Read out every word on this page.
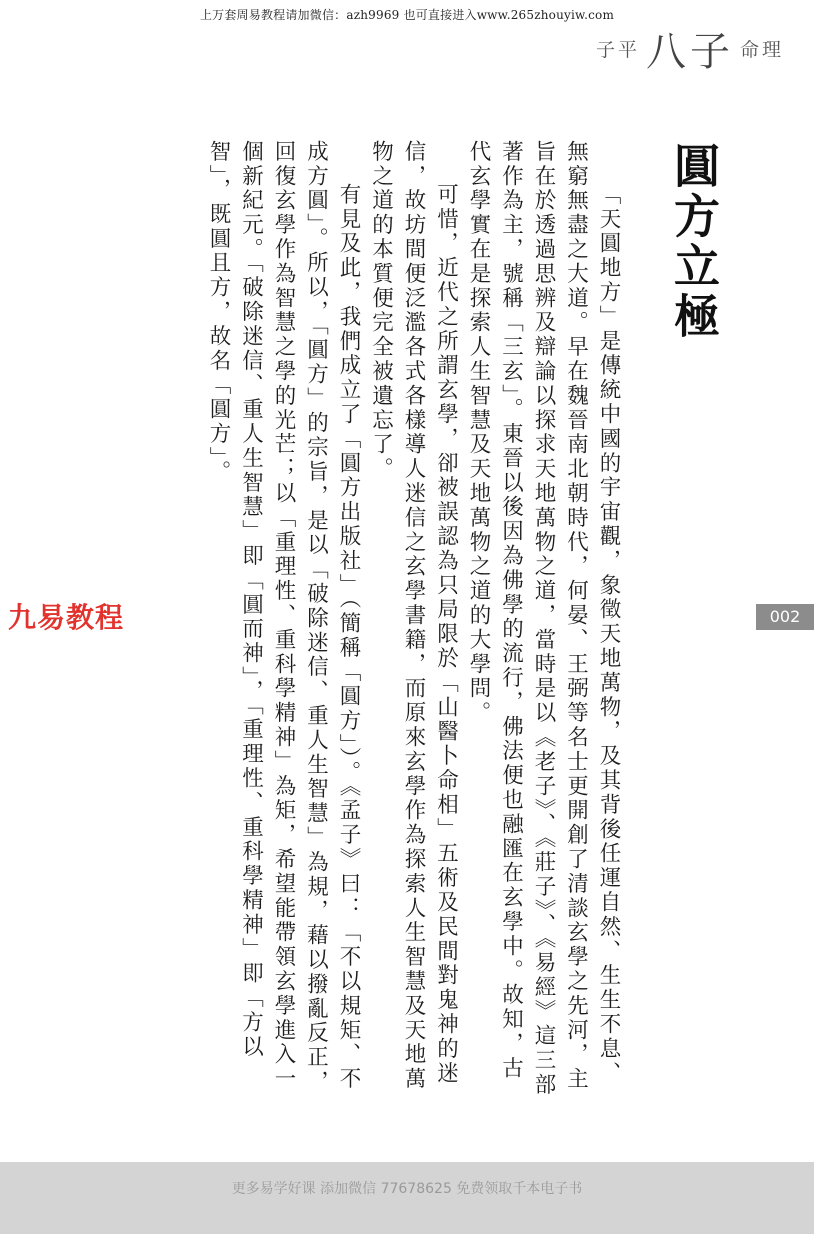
上万套周易教程请加微信：azh9969 也可直接进入www.265zhouyiw.com
子平 八子 命理
圓方立極
002

「天圓地方」是傳統中國的宇宙觀，象徵天地萬物，及其背後任運自然、生生不息、無窮無盡之大道。早在魏晉南北朝時代，何晏、王弼等名士更開創了清談玄學之先河，主旨在於透過思辨及辯論以探求天地萬物之道，當時是以《老子》、《莊子》、《易經》這三部著作為主，號稱「三玄」。東晉以後因為佛學的流行，佛法便也融匯在玄學中。故知，古代玄學實在是探索人生智慧及天地萬物之道的大學問。

可惜，近代之所謂玄學，卻被誤認為只局限於「山醫卜命相」五術及民間對鬼神的迷信，故坊間便泛濫各式各樣導人迷信之玄學書籍，而原來玄學作為探索人生智慧及天地萬物之道的本質便完全被遺忘了。

有見及此，我們成立了「圓方出版社」（簡稱「圓方」）。《孟子》曰：「不以規矩、不成方圓」。所以，「圓方」的宗旨，是以「破除迷信、重人生智慧」為規，藉以撥亂反正，回復玄學作為智慧之學的光芒；以「重理性、重科學精神」為矩，希望能帶領玄學進入一個新紀元。「破除迷信、重人生智慧」即「圓而神」，「重理性、重科學精神」即「方以智」，既圓且方，故名「圓方」。

九易教程
更多易学好课 添加微信 77678625 免费领取千本电子书
